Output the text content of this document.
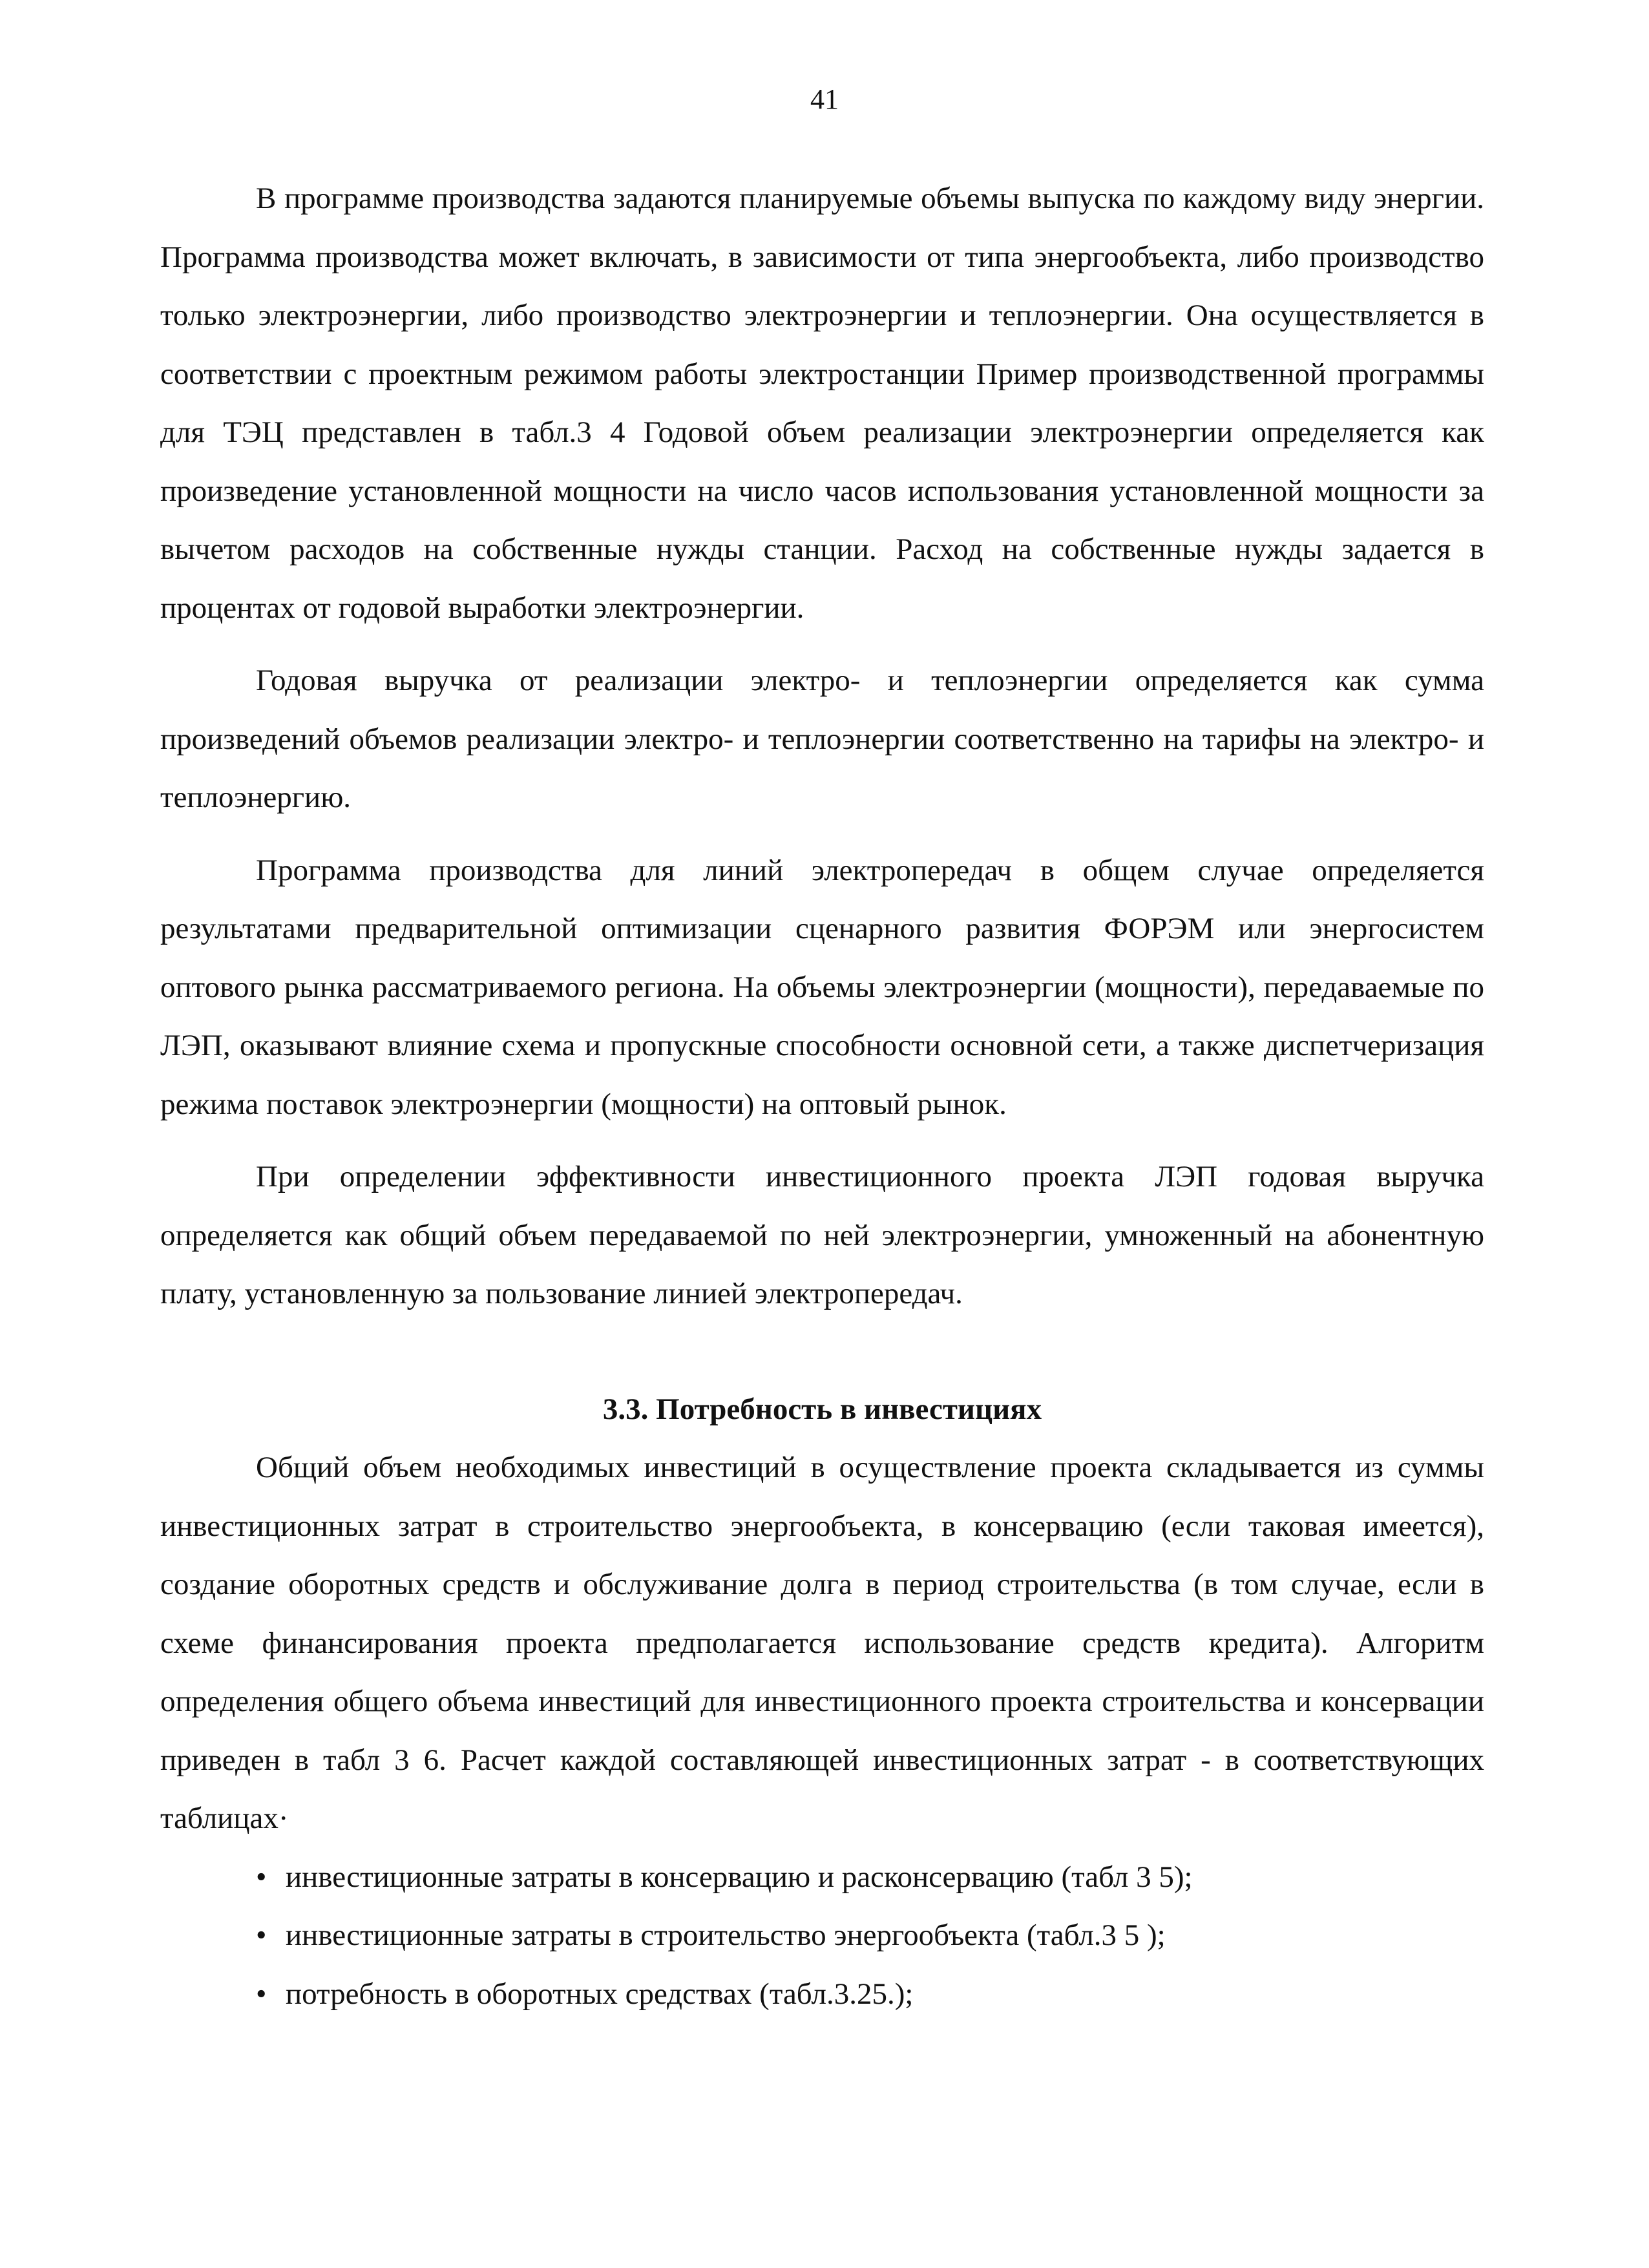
41

В программе производства задаются планируемые объемы выпуска по каждому виду энергии. Программа производства может включать, в зависимости от типа энергообъекта, либо производство только электроэнергии, либо производство электроэнергии и теплоэнергии. Она осуществляется в соответствии с проектным режимом работы электростанции Пример производственной программы для ТЭЦ представлен в табл.3 4 Годовой объем реализации электроэнергии определяется как произведение установленной мощности на число часов использования установленной мощности за вычетом расходов на собственные нужды станции. Расход на собственные нужды задается в процентах от годовой выработки электроэнергии.

Годовая выручка от реализации электро- и теплоэнергии определяется как сумма произведений объемов реализации электро- и теплоэнергии соответственно на тарифы на электро- и теплоэнергию.

Программа производства для линий электропередач в общем случае определяется результатами предварительной оптимизации сценарного развития ФОРЭМ или энергосистем оптового рынка рассматриваемого региона. На объемы электроэнергии (мощности), передаваемые по ЛЭП, оказывают влияние схема и пропускные способности основной сети, а также диспетчеризация режима поставок электроэнергии (мощности) на оптовый рынок.

При определении эффективности инвестиционного проекта ЛЭП годовая выручка определяется как общий объем передаваемой по ней электроэнергии, умноженный на абонентную плату, установленную за пользование линией электропередач.

3.3. Потребность в инвестициях

Общий объем необходимых инвестиций в осуществление проекта складывается из суммы инвестиционных затрат в строительство энергообъекта, в консервацию (если таковая имеется), создание оборотных средств и обслуживание долга в период строительства (в том случае, если в схеме финансирования проекта предполагается использование средств кредита). Алгоритм определения общего объема инвестиций для инвестиционного проекта строительства и консервации приведен в табл 3 6. Расчет каждой составляющей инвестиционных затрат - в соответствующих таблицах·

• инвестиционные затраты в консервацию и расконсервацию (табл 3 5);
• инвестиционные затраты в строительство энергообъекта (табл.3 5 );
• потребность в оборотных средствах (табл.3.25.);
